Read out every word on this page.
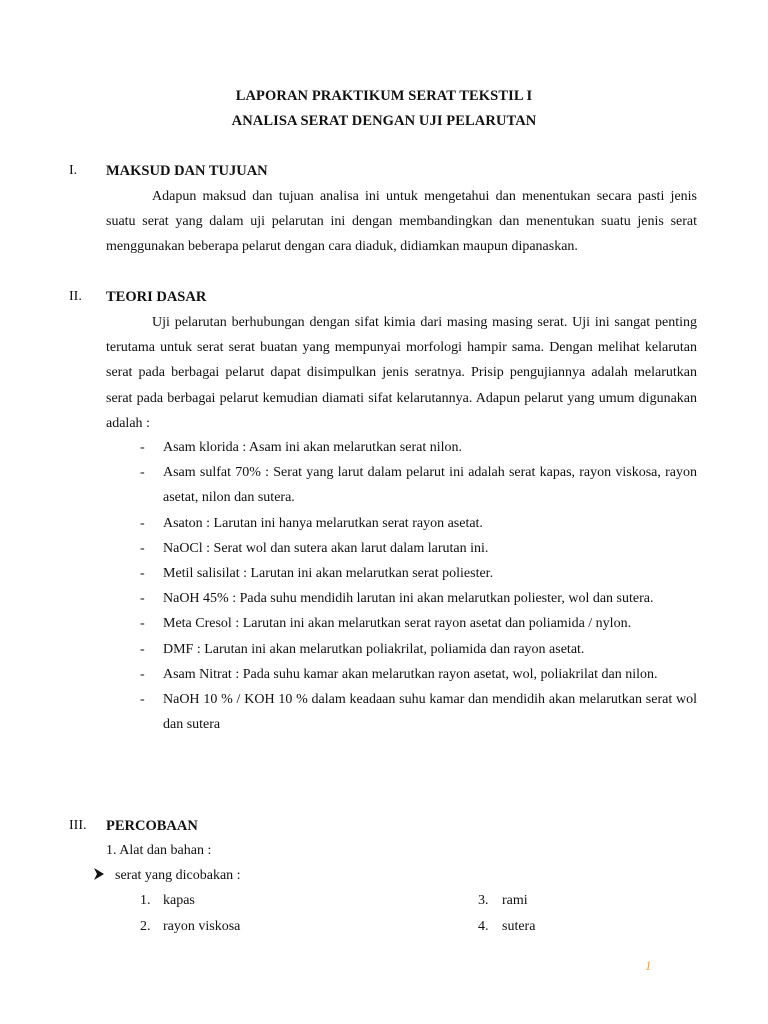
LAPORAN PRAKTIKUM SERAT TEKSTIL I
ANALISA SERAT DENGAN UJI PELARUTAN
I. MAKSUD DAN TUJUAN

Adapun maksud dan tujuan analisa ini untuk mengetahui dan menentukan secara pasti jenis suatu serat yang dalam uji pelarutan ini dengan membandingkan dan menentukan suatu jenis serat menggunakan beberapa pelarut dengan cara diaduk, didiamkan maupun dipanaskan.

II. TEORI DASAR

Uji pelarutan berhubungan dengan sifat kimia dari masing masing serat. Uji ini sangat penting terutama untuk serat serat buatan yang mempunyai morfologi hampir sama. Dengan melihat kelarutan serat pada berbagai pelarut dapat disimpulkan jenis seratnya. Prisip pengujiannya adalah melarutkan serat pada berbagai pelarut kemudian diamati sifat kelarutannya. Adapun pelarut yang umum digunakan adalah :

- Asam klorida : Asam ini akan melarutkan serat nilon.
- Asam sulfat 70% : Serat yang larut dalam pelarut ini adalah serat kapas, rayon viskosa, rayon asetat, nilon dan sutera.
- Asaton : Larutan ini hanya melarutkan serat rayon asetat.
- NaOCl : Serat wol dan sutera akan larut dalam larutan ini.
- Metil salisilat : Larutan ini akan melarutkan serat poliester.
- NaOH 45% : Pada suhu mendidih larutan ini akan melarutkan poliester, wol dan sutera.
- Meta Cresol : Larutan ini akan melarutkan serat rayon asetat dan poliamida / nylon.
- DMF : Larutan ini akan melarutkan poliakrilat, poliamida dan rayon asetat.
- Asam Nitrat : Pada suhu kamar akan melarutkan rayon asetat, wol, poliakrilat dan nilon.
- NaOH 10 % / KOH 10 % dalam keadaan suhu kamar dan mendidih akan melarutkan serat wol dan sutera
III. PERCOBAAN
1. Alat dan bahan :
serat yang dicobakan :
1. kapas
2. rayon viskosa
3. rami
4. sutera
1
